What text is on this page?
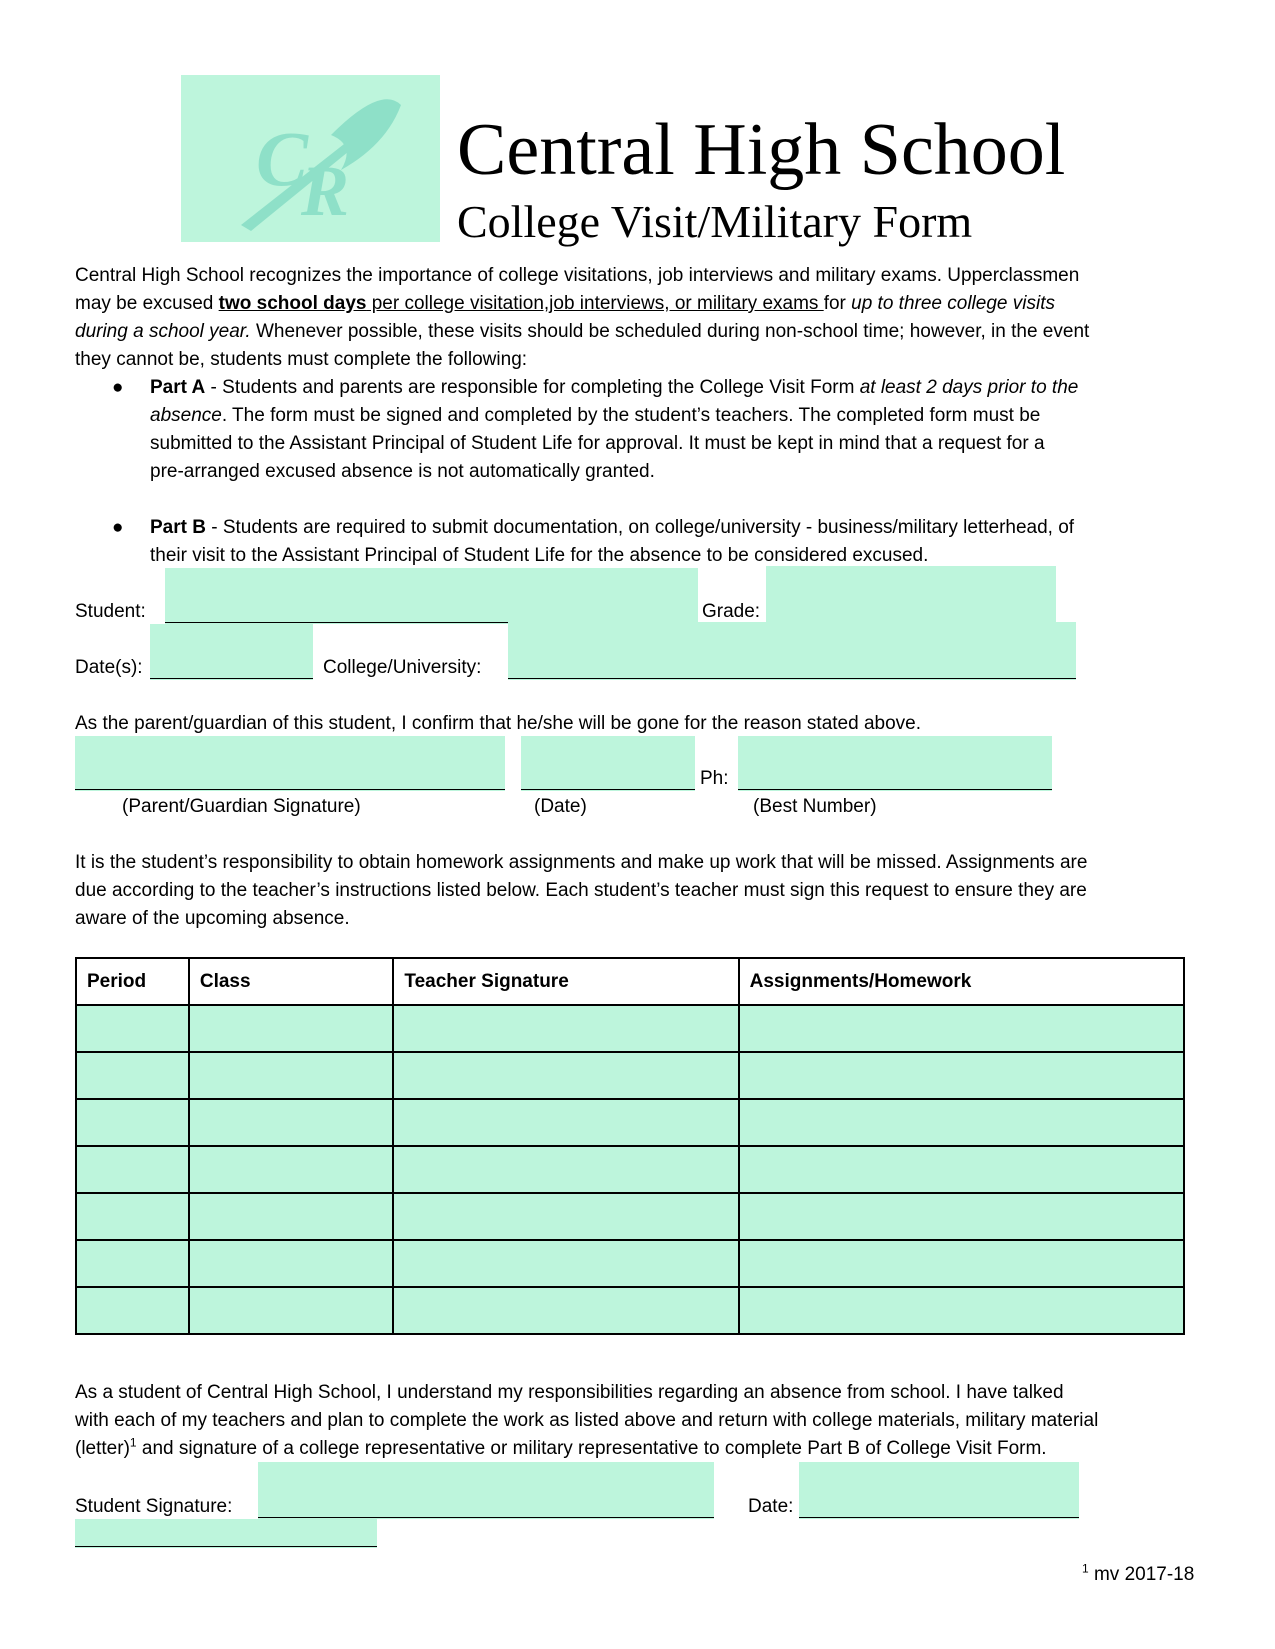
C
R Central High School
College Visit/Military Form
Central High School recognizes the importance of college visitations, job interviews and military exams. Upperclassmen
may be excused two school days per college visitation,job interviews, or military exams for up to three college visits
during a school year. Whenever possible, these visits should be scheduled during non-school time; however, in the event
they cannot be, students must complete the following:
● Part A - Students and parents are responsible for completing the College Visit Form at least 2 days prior to the
absence. The form must be signed and completed by the student’s teachers. The completed form must be
submitted to the Assistant Principal of Student Life for approval. It must be kept in mind that a request for a
pre-arranged excused absence is not automatically granted.
● Part B - Students are required to submit documentation, on college/university - business/military letterhead, of
their visit to the Assistant Principal of Student Life for the absence to be considered excused.
Student:	Grade:
Date(s):	College/University:
As the parent/guardian of this student, I confirm that he/she will be gone for the reason stated above.
Ph:
(Parent/Guardian Signature)	(Date)	(Best Number)
It is the student’s responsibility to obtain homework assignments and make up work that will be missed. Assignments are
due according to the teacher’s instructions listed below. Each student’s teacher must sign this request to ensure they are
aware of the upcoming absence.
Period	Class	Teacher Signature	Assignments/Homework

As a student of Central High School, I understand my responsibilities regarding an absence from school. I have talked
with each of my teachers and plan to complete the work as listed above and return with college materials, military material
(letter)$^1$ and signature of a college representative or military representative to complete Part B of College Visit Form.
Student Signature:	Date:
$^1$ mv 2017-18
